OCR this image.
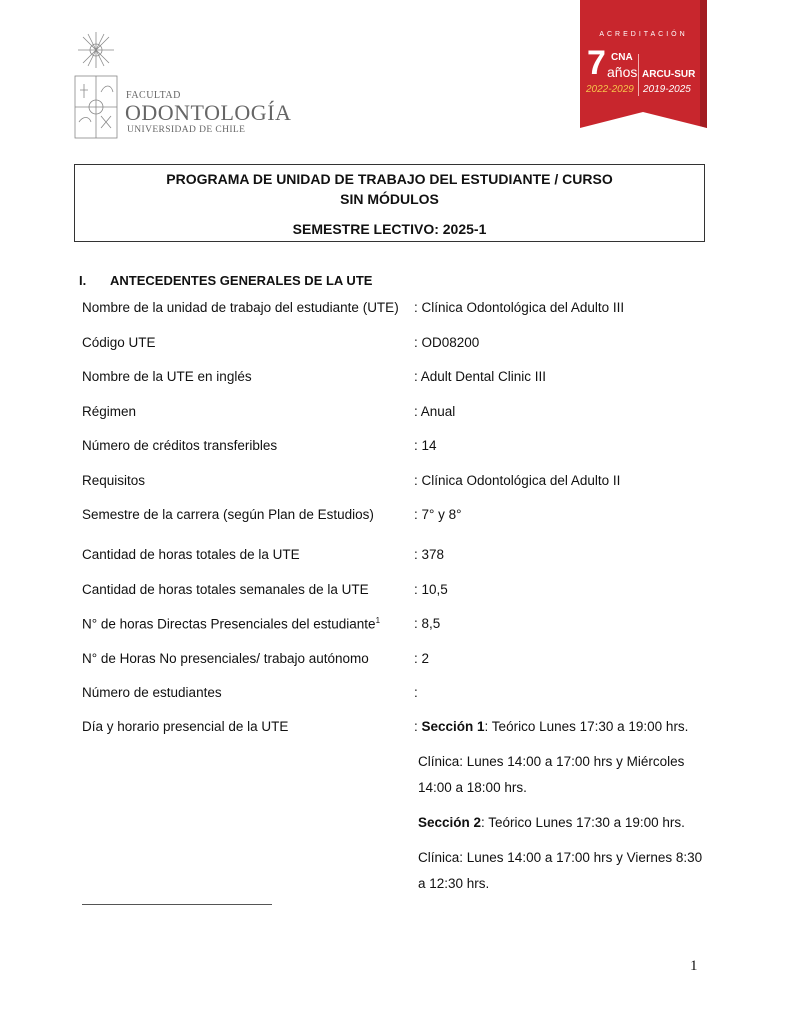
FACULTAD
ODONTOLOGÍA
UNIVERSIDAD DE CHILE
ACREDITACIÓN
7 CNA
años
2022-2029
ARCU-SUR
2019-2025
PROGRAMA DE UNIDAD DE TRABAJO DEL ESTUDIANTE / CURSO
SIN MÓDULOS
SEMESTRE LECTIVO: 2025-1
I. ANTECEDENTES GENERALES DE LA UTE
Nombre de la unidad de trabajo del estudiante (UTE) : Clínica Odontológica del Adulto III
Código UTE	: OD08200
Nombre de la UTE en inglés	: Adult Dental Clinic III
Régimen	: Anual
Número de créditos transferibles	: 14
Requisitos	: Clínica Odontológica del Adulto II
Semestre de la carrera (según Plan de Estudios)	: 7° y 8°
Cantidad de horas totales de la UTE	: 378
Cantidad de horas totales semanales de la UTE	: 10,5
N° de horas Directas Presenciales del estudiante$^1$	: 8,5
N° de Horas No presenciales/ trabajo autónomo	: 2
Número de estudiantes	:
Día y horario presencial de la UTE	: Sección 1: Teórico Lunes 17:30 a 19:00 hrs.
Clínica: Lunes 14:00 a 17:00 hrs y Miércoles
14:00 a 18:00 hrs.
Sección 2: Teórico Lunes 17:30 a 19:00 hrs.
Clínica: Lunes 14:00 a 17:00 hrs y Viernes 8:30
a 12:30 hrs.
1
